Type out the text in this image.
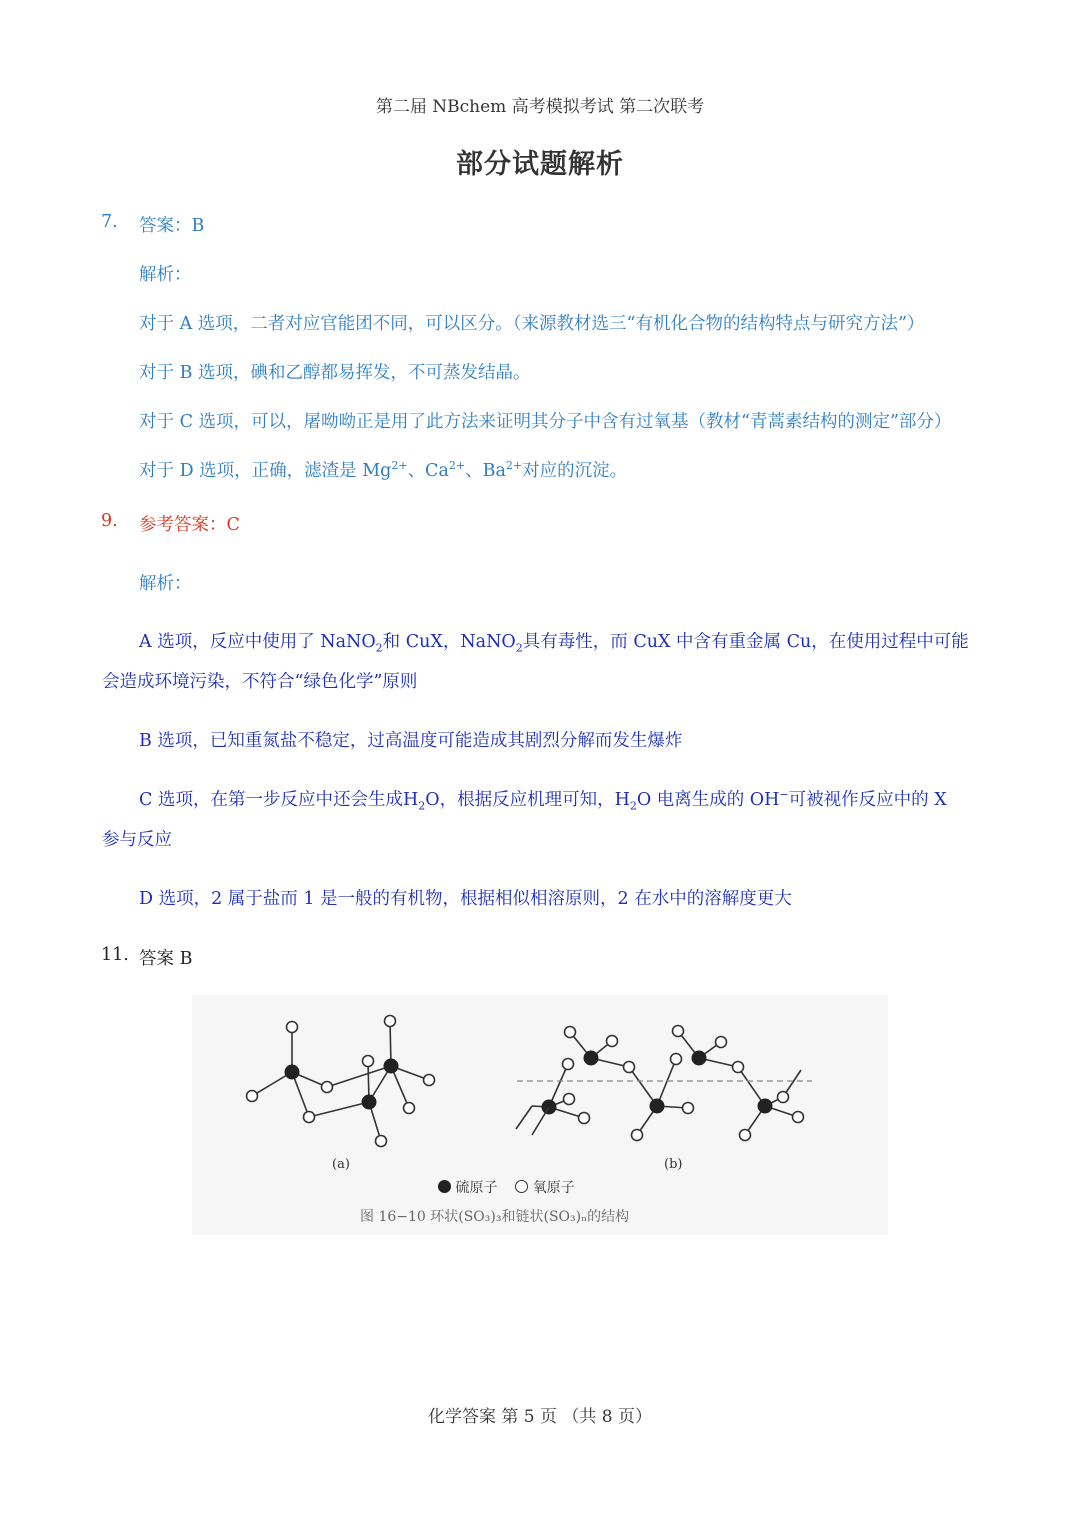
第二届 NBchem 高考模拟考试 第二次联考
部分试题解析
7. 答案：B
解析：
对于 A 选项，二者对应官能团不同，可以区分。（来源教材选三“有机化合物的结构特点与研究方法”）
对于 B 选项，碘和乙醇都易挥发，不可蒸发结晶。
对于 C 选项，可以，屠呦呦正是用了此方法来证明其分子中含有过氧基（教材“青蒿素结构的测定”部分）
对于 D 选项，正确，滤渣是 $Mg^{2+}$、$Ca^{2+}$、$Ba^{2+}$对应的沉淀。
9. 参考答案：C
解析：
A 选项，反应中使用了 NaNO$_2$和 CuX，NaNO$_2$具有毒性，而 CuX 中含有重金属 Cu，在使用过程中可能
会造成环境污染，不符合“绿色化学”原则
B 选项，已知重氮盐不稳定，过高温度可能造成其剧烈分解而发生爆炸
C 选项，在第一步反应中还会生成$H_2O$，根据反应机理可知，$H_2O$ 电离生成的 OH−可被视作反应中的 X
参与反应
D 选项，2 属于盐而 1 是一般的有机物，根据相似相溶原则，2 在水中的溶解度更大
11. 答案 B
(a)	(b)
硫原子	氧原子
图 16−10 环状(SO₃)₃和链状(SO₃)ₙ的结构
化学答案 第 5 页 （共 8 页）
